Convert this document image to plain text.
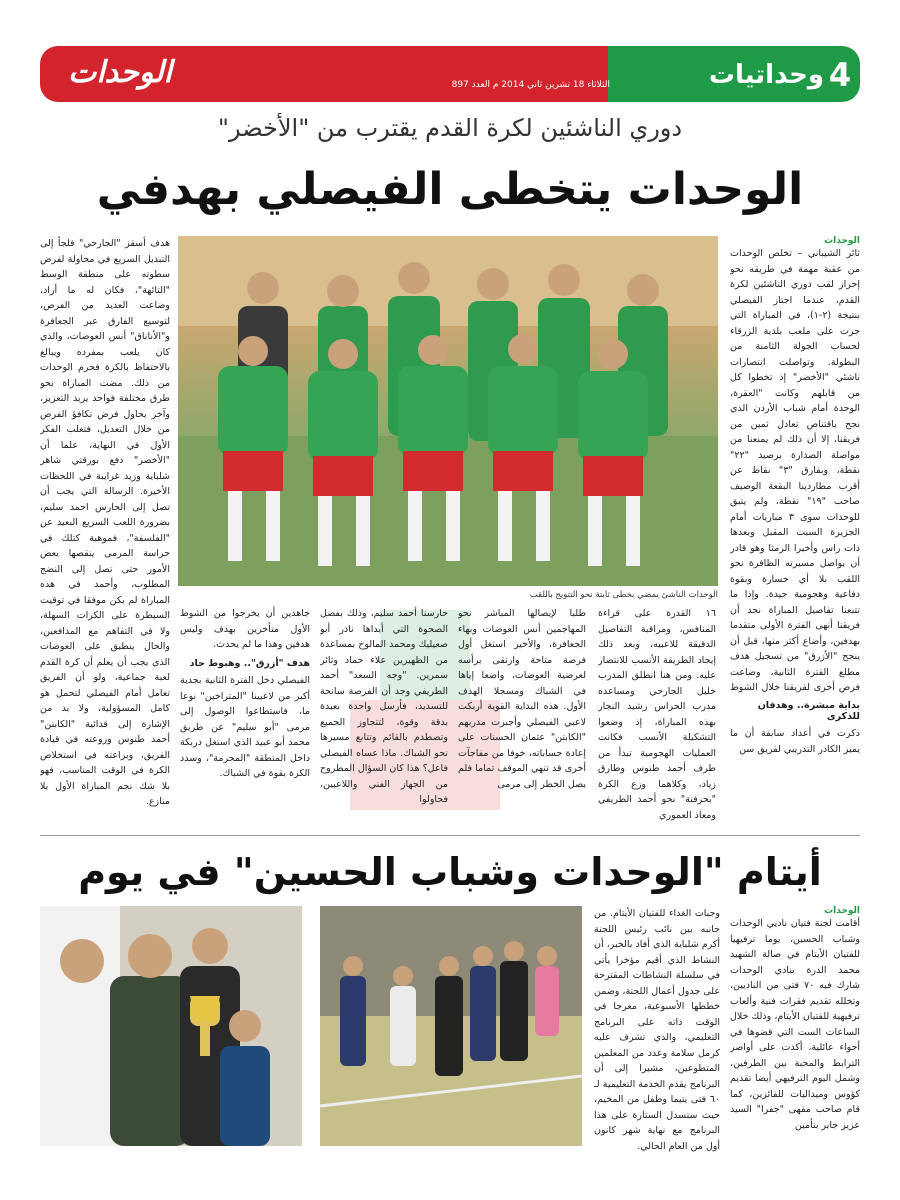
الوحدات	الثلاثاء 18 تشرين ثاني 2014 م العدد 897	وحداتيات 4
دوري الناشئين لكرة القدم يقترب من "الأخضر"
الوحدات يتخطى الفيصلي بهدفي
الوحدات
ثائر الشيباني – تخلص الوحدات من عقبة مهمة في طريقه نحو إحراز لقب دوري الناشئين لكرة القدم، عندما اجتاز الفيصلي بنتيجة (٢-١)، في المباراة التي جرت على ملعب بلدية الزرقاء لحساب الجولة الثامنة من البطولة. وتواصلت انتصارات ناشئي "الأخضر" إذ تخطوا كل من قابلهم وكانت "العقرة، الوحدة أمام شباب الأردن الذي نجح باقتناص تعادل ثمين من فريقنا، إلا أن ذلك لم يمنعنا من مواصلة الصدارة برصيد "٢٢" نقطة، وبفارق "٣" نقاط عن أقرب مطاردينا البقعة الوصيف صاحب "١٩" نقطة، ولم يتبق للوحدات سوى ٣ مباريات أمام الجزيرة السبت المقبل وبعدها ذات راس وأخيرا الرمثا وهو قادر أن يواصل مسيرته الظافرة نحو اللقب بلا أي خسارة وبقوة دفاعية وهجومية جيدة. وإذا ما تتبعنا تفاصيل المباراة نجد أن فريقنا أنهى الفترة الأولى متقدما بهدفين، وأضاع أكثر منها، قبل أن ينجح "الأزرق" من تسجيل هدف مطلع الفترة الثانية، وضاعت فرص أخرى لفريقنا خلال الشوط
بداية مبشرة.. وهدفان للذكرى
ذكرت في أعداد سابقة أن ما يميز الكادر التدريبي لفريق سن
هدف أسقز "الجارحي" فلجأ إلى التبديل السريع في محاولة لفرض سطوته على منطقة الوسط "التائهة"، فكان له ما أراد، وضاعت العديد من الفرص، لتوسيع الفارق عبر الجعافرة و"الأناناق" أنس العوضات، والذي كان يلعب بمفرده ويبالغ بالاحتفاظ بالكرة فحرم الوحدات من ذلك. مضت المباراة نحو طرق مختلفة فواحد يريد التعزيز، وآخر يحاول فرض تكافؤ الفرص من خلال التعديل، فتغلب الفكر الأول في النهاية، علما أن "الأخضر" دفع بورقتي شاهر شلباية وزيد غرايبة في اللحظات الأخيرة. الرسالة التي يجب أن تصل إلى الحارس احمد سليم، بضرورة اللعب السريع البعيد عن "الفلسفة"، فموهبة كتلك في حراسة المرمى ينقصها بعض الأمور حتى تصل إلى النضج المطلوب، وأحمد في هذه المباراة لم يكن موفقا في توقيت السيطرة على الكرات السهلة، ولا في التفاهم مع المدافعين، والحال ينطبق على العوضات الذي يجب أن يعلم أن كرة القدم لعبة جماعية، ولو أن الفريق تعامل أمام الفيصلي لتحمل هو كامل المسؤولية، ولا بد من الإشارة إلى قدائية "الكابتن" أحمد طنوس وروعته في قيادة الفريق، وبراعته في استخلاص الكرة في الوقت المناسب، فهو بلا شك نجم المباراة الأول بلا منازع.
الوحدات الناشئ يمضي بخطى ثابتة نحو التتويج باللقب
١٦ القدرة على قراءة المنافس، ومراقبة التفاصيل الدقيقة للاعبيه، وبعد ذلك إيجاد الطريقة الأنسب للانتصار عليه. ومن هنا انطلق المدرب خليل الجارحي ومساعده مدرب الحراس رشيد النجار بهذه المباراة، إذ وضعوا التشكيلة الأنسب فكانت العمليات الهجومية تبدأ من طرف أحمد طنوس وطارق زياد، وكلاهما وزع الكرة "بحرفنة" نحو أحمد الطريفي ومعاذ العموري
طلبا لإيصالها المباشر نحو المهاجمين أنس العوضات وبهاء الجعافرة، والأخير استغل أول فرصة متاحة وارتقى برأسه لعرضية العوضات، واضعا إياها في الشباك ومسجلا الهدف الأول. هذه البداية القوية أربكت لاعبي الفيصلي وأجبرت مدربهم "الكابتن" عثمان الحسنات على إعادة حساباته، خوفا من مفاجآت أخرى قد تنهي الموقف تماما فلم يصل الخطر إلى مرمى
حارسنا أحمد سليم، وذلك بفضل الصحوة التي أبداها نادر أبو صعيليك ومحمد المالوخ بمساعدة من الظهيرين علاء حماد وثائر سمرين. "وجه السعد" أحمد الطريفي وجد أن الفرصة سانحة للتسديد، فأرسل واحدة بعيدة بدقة وقوة، لتتجاوز الجميع وتصطدم بالقائم وتتابع مسيرها نحو الشباك. ماذا عساه الفيصلي فاعل؟ هذا كان السؤال المطروح من الجهاز الفني واللاعبين، فحاولوا
جاهدين أن يخرجوا من الشوط الأول متأخرين بهدف وليس هدفين وهذا ما لم يحدث.
هدف "أزرق".. وهبوط حاد
الفيصلي دخل الفترة الثانية بجدية أكبر من لاعبينا "المتراخين" نوعا ما، فاستطاعوا الوصول إلى مرمى "أبو سليم" عن طريق محمد أبو عبيد الذي استغل دربكة داخل المنطقة "المحرمة"، وسدد الكرة بقوة في الشباك.
أيتام "الوحدات وشباب الحسين" في يوم
الوحدات
أقامت لجنة فتيان ناديي الوحدات وشباب الحسين، يوما ترفيهيا للفتيان الأيتام في صالة الشهيد محمد الدرة بنادي الوحدات شارك فيه ٧٠ فتى من الناديين، وتخلله تقديم فقرات فنية وألعاب ترفيهية للفتيان الأيتام، وذلك خلال الساعات الست التي قضوها في أجواء عائلية، أكدت على أواصر الترابط والمحبة بين الطرفين، وشمل اليوم الترفيهي أيضا تقديم كؤوس وميداليات للفائزين، كما قام صاحب مقهى "جفرا" السيد عزيز جابر بتأمين
وجبات الغداء للفتيان الأيتام. من جانبه بين نائب رئيس اللجنة أكرم شلباية الذي أفاد بالخبر، أن النشاط الذي أقيم مؤخرا يأتي في سلسلة النشاطات المقترحة على جدول أعمال اللجنة، وضمن خططها الأسبوعية، معرجا في الوقت ذاته على البرنامج التعليمي، والذي تشرف عليه كرمل سلامة وعدد من المعلمين المتطوعين، مشيرا إلى أن البرنامج يقدم الخدمة التعليمية لـ ٦٠ فتى يتيما وطفل من المخيم، حيث ستسدل الستارة على هذا البرنامج مع نهاية شهر كانون أول من العام الحالي.
